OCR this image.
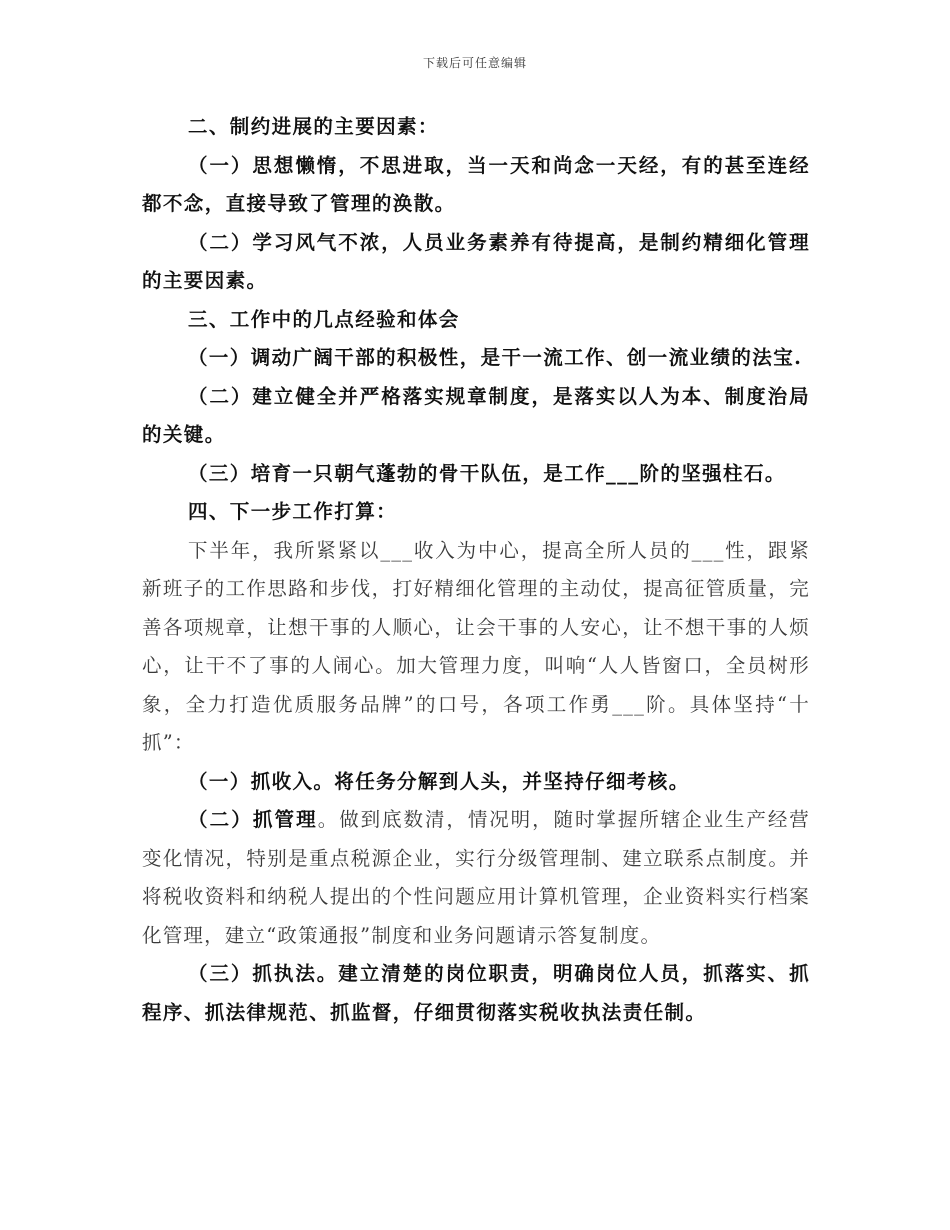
下载后可任意编辑

二、制约进展的主要因素：

（一）思想懒惰，不思进取，当一天和尚念一天经，有的甚至连经都不念，直接导致了管理的涣散。

（二）学习风气不浓，人员业务素养有待提高，是制约精细化管理的主要因素。

三、工作中的几点经验和体会

（一）调动广阔干部的积极性，是干一流工作、创一流业绩的法宝.

（二）建立健全并严格落实规章制度，是落实以人为本、制度治局的关键。

（三）培育一只朝气蓬勃的骨干队伍，是工作___阶的坚强柱石。

四、下一步工作打算：

下半年，我所紧紧以___收入为中心，提高全所人员的___性，跟紧新班子的工作思路和步伐，打好精细化管理的主动仗，提高征管质量，完善各项规章，让想干事的人顺心，让会干事的人安心，让不想干事的人烦心，让干不了事的人闹心。加大管理力度，叫响“人人皆窗口，全员树形象，全力打造优质服务品牌”的口号，各项工作勇___阶。具体坚持“十抓”：

（一）抓收入。将任务分解到人头，并坚持仔细考核。

（二）抓管理。做到底数清，情况明，随时掌握所辖企业生产经营变化情况，特别是重点税源企业，实行分级管理制、建立联系点制度。并将税收资料和纳税人提出的个性问题应用计算机管理，企业资料实行档案化管理，建立“政策通报”制度和业务问题请示答复制度。

（三）抓执法。建立清楚的岗位职责，明确岗位人员，抓落实、抓程序、抓法律规范、抓监督，仔细贯彻落实税收执法责任制。
